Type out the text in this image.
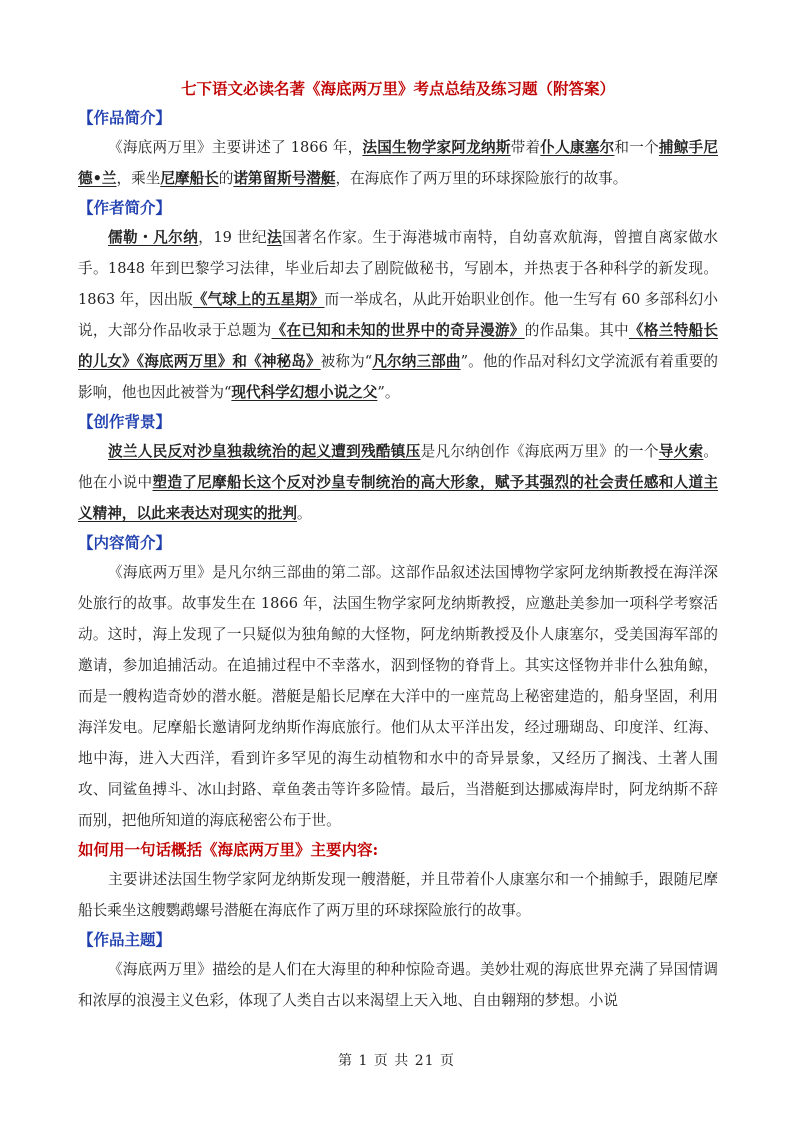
七下语文必读名著《海底两万里》考点总结及练习题（附答案）

【作品简介】

《海底两万里》主要讲述了 1866 年，法国生物学家阿龙纳斯带着仆人康塞尔和一个捕鲸手尼德•兰，乘坐尼摩船长的诺第留斯号潜艇，在海底作了两万里的环球探险旅行的故事。

【作者简介】

儒勒・凡尔纳，19 世纪法国著名作家。生于海港城市南特，自幼喜欢航海，曾擅自离家做水手。1848 年到巴黎学习法律，毕业后却去了剧院做秘书，写剧本，并热衷于各种科学的新发现。1863 年，因出版《气球上的五星期》而一举成名，从此开始职业创作。他一生写有 60 多部科幻小说，大部分作品收录于总题为《在已知和未知的世界中的奇异漫游》的作品集。其中《格兰特船长的儿女》《海底两万里》和《神秘岛》被称为“凡尔纳三部曲”。他的作品对科幻文学流派有着重要的影响，他也因此被誉为“现代科学幻想小说之父”。

【创作背景】

波兰人民反对沙皇独裁统治的起义遭到残酷镇压是凡尔纳创作《海底两万里》的一个导火索。他在小说中塑造了尼摩船长这个反对沙皇专制统治的高大形象，赋予其强烈的社会责任感和人道主义精神，以此来表达对现实的批判。

【内容简介】

《海底两万里》是凡尔纳三部曲的第二部。这部作品叙述法国博物学家阿龙纳斯教授在海洋深处旅行的故事。故事发生在 1866 年，法国生物学家阿龙纳斯教授，应邀赴美参加一项科学考察活动。这时，海上发现了一只疑似为独角鲸的大怪物，阿龙纳斯教授及仆人康塞尔，受美国海军部的邀请，参加追捕活动。在追捕过程中不幸落水，泅到怪物的脊背上。其实这怪物并非什么独角鲸，而是一艘构造奇妙的潜水艇。潜艇是船长尼摩在大洋中的一座荒岛上秘密建造的，船身坚固，利用海洋发电。尼摩船长邀请阿龙纳斯作海底旅行。他们从太平洋出发，经过珊瑚岛、印度洋、红海、地中海，进入大西洋，看到许多罕见的海生动植物和水中的奇异景象，又经历了搁浅、土著人围攻、同鲨鱼搏斗、冰山封路、章鱼袭击等许多险情。最后，当潜艇到达挪威海岸时，阿龙纳斯不辞而别，把他所知道的海底秘密公布于世。

如何用一句话概括《海底两万里》主要内容:

主要讲述法国生物学家阿龙纳斯发现一艘潜艇，并且带着仆人康塞尔和一个捕鲸手，跟随尼摩船长乘坐这艘鹦鹉螺号潜艇在海底作了两万里的环球探险旅行的故事。

【作品主题】

《海底两万里》描绘的是人们在大海里的种种惊险奇遇。美妙壮观的海底世界充满了异国情调和浓厚的浪漫主义色彩，体现了人类自古以来渴望上天入地、自由翱翔的梦想。小说

第 1 页 共 21 页
